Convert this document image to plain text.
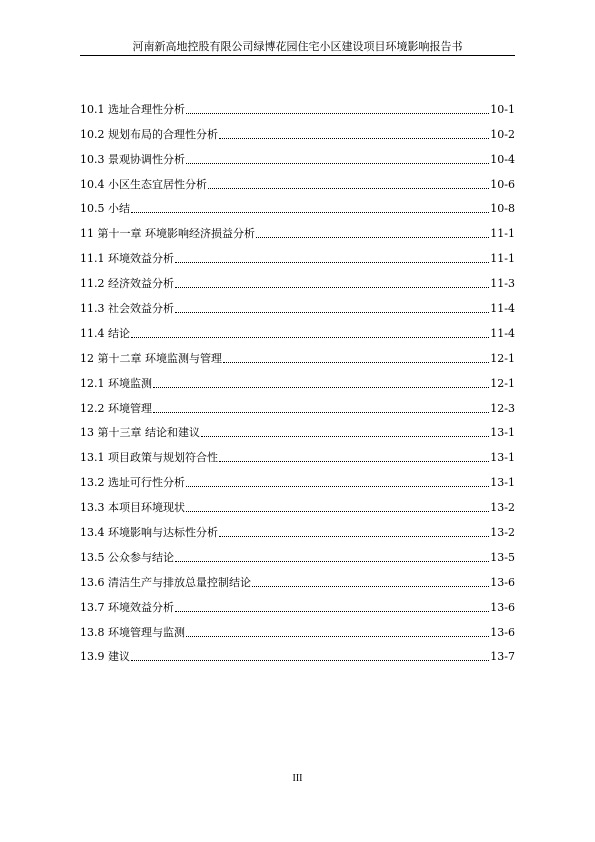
河南新高地控股有限公司绿博花园住宅小区建设项目环境影响报告书
10.1 选址合理性分析	10-1
10.2 规划布局的合理性分析	10-2
10.3 景观协调性分析	10-4
10.4 小区生态宜居性分析	10-6
10.5 小结	10-8
11 第十一章 环境影响经济损益分析	11-1
11.1 环境效益分析	11-1
11.2 经济效益分析	11-3
11.3 社会效益分析	11-4
11.4 结论	11-4
12 第十二章 环境监测与管理	12-1
12.1 环境监测	12-1
12.2 环境管理	12-3
13 第十三章 结论和建议	13-1
13.1 项目政策与规划符合性	13-1
13.2 选址可行性分析	13-1
13.3 本项目环境现状	13-2
13.4 环境影响与达标性分析	13-2
13.5 公众参与结论	13-5
13.6 清洁生产与排放总量控制结论	13-6
13.7 环境效益分析	13-6
13.8 环境管理与监测	13-6
13.9 建议	13-7
III
